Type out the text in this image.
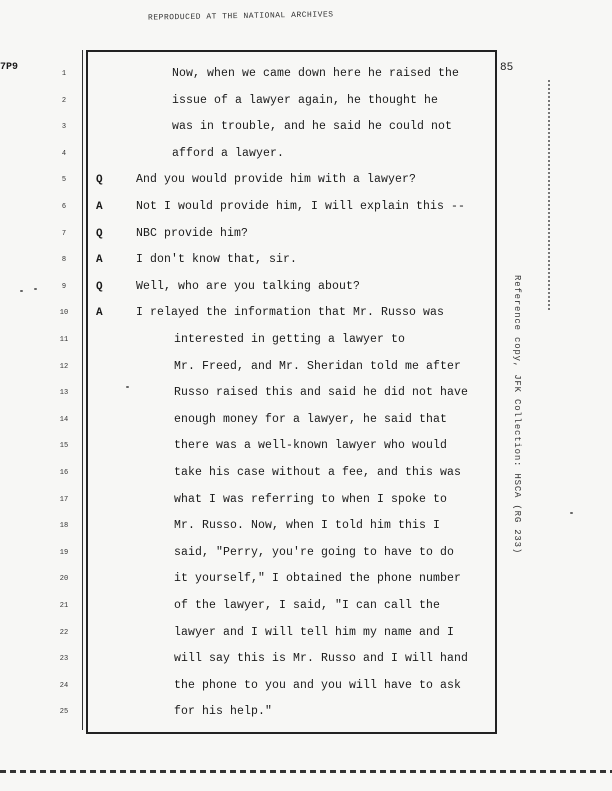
REPRODUCED AT THE NATIONAL ARCHIVES
7P9	85
1	Now, when we came down here he raised the
2	issue of a lawyer again, he thought he
3	was in trouble, and he said he could not
4	afford a lawyer.
5	Q	And you would provide him with a lawyer?
6	A	Not I would provide him, I will explain this --
7	Q	NBC provide him?
8	A	I don't know that, sir.
9	Q	Well, who are you talking about?
10	A	I relayed the information that Mr. Russo was
11	interested in getting a lawyer to
12	Mr. Freed, and Mr. Sheridan told me after
13	Russo raised this and said he did not have
14	enough money for a lawyer, he said that
15	there was a well-known lawyer who would
16	take his case without a fee, and this was
17	what I was referring to when I spoke to
18	Mr. Russo. Now, when I told him this I
19	said, "Perry, you're going to have to do
20	it yourself," I obtained the phone number
21	of the lawyer, I said, "I can call the
22	lawyer and I will tell him my name and I
23	will say this is Mr. Russo and I will hand
24	the phone to you and you will have to ask
25	for his help."
Reference copy, JFK Collection: HSCA (RG 233)
